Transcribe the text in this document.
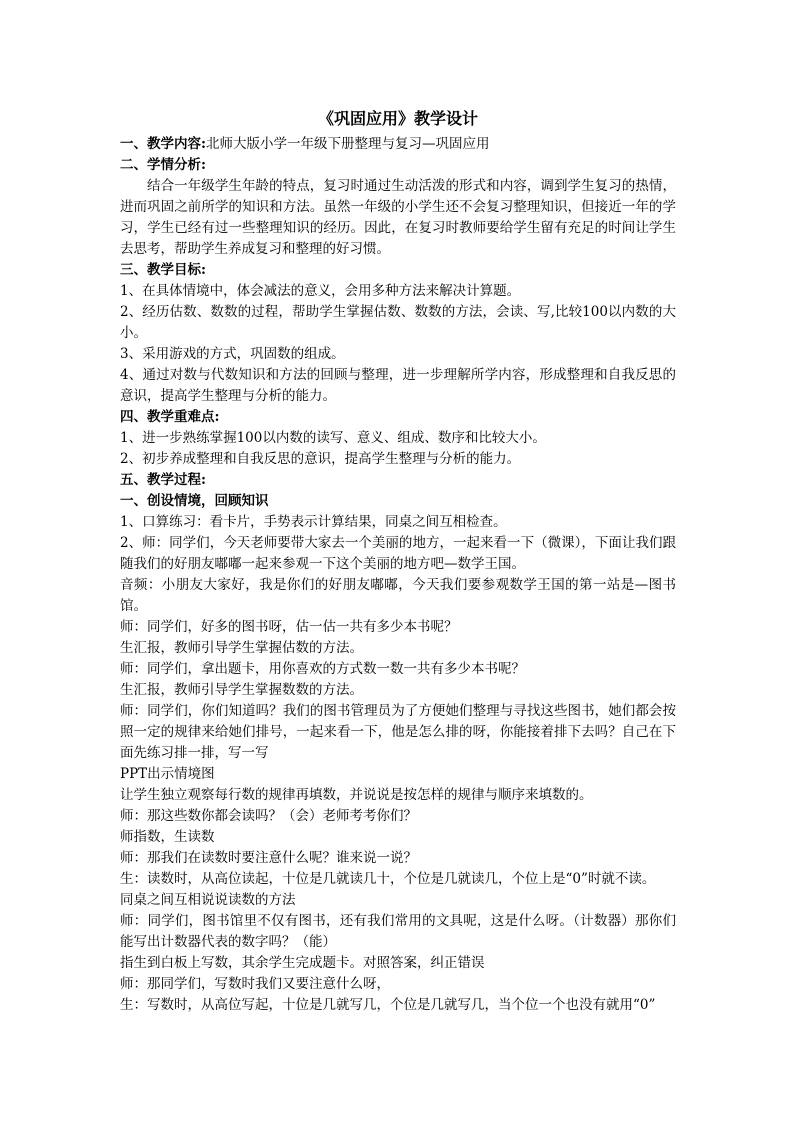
《巩固应用》教学设计

一、教学内容:北师大版小学一年级下册整理与复习—巩固应用

二、学情分析:

结合一年级学生年龄的特点，复习时通过生动活泼的形式和内容，调到学生复习的热情，进而巩固之前所学的知识和方法。虽然一年级的小学生还不会复习整理知识，但接近一年的学习，学生已经有过一些整理知识的经历。因此，在复习时教师要给学生留有充足的时间让学生去思考，帮助学生养成复习和整理的好习惯。

三、教学目标:

1、在具体情境中，体会减法的意义，会用多种方法来解决计算题。

2、经历估数、数数的过程，帮助学生掌握估数、数数的方法，会读、写,比较100以内数的大小。

3、采用游戏的方式，巩固数的组成。

4、通过对数与代数知识和方法的回顾与整理，进一步理解所学内容，形成整理和自我反思的意识，提高学生整理与分析的能力。

四、教学重难点:

1、进一步熟练掌握100以内数的读写、意义、组成、数序和比较大小。

2、初步养成整理和自我反思的意识，提高学生整理与分析的能力。

五、教学过程:

一、创设情境，回顾知识

1、口算练习：看卡片，手势表示计算结果，同桌之间互相检查。

2、师：同学们，今天老师要带大家去一个美丽的地方，一起来看一下（微课），下面让我们跟随我们的好朋友嘟嘟一起来参观一下这个美丽的地方吧—数学王国。

音频：小朋友大家好，我是你们的好朋友嘟嘟，今天我们要参观数学王国的第一站是—图书馆。

师：同学们，好多的图书呀，估一估一共有多少本书呢？

生汇报，教师引导学生掌握估数的方法。

师：同学们，拿出题卡，用你喜欢的方式数一数一共有多少本书呢？

生汇报，教师引导学生掌握数数的方法。

师：同学们，你们知道吗？我们的图书管理员为了方便她们整理与寻找这些图书，她们都会按照一定的规律来给她们排号，一起来看一下，他是怎么排的呀，你能接着排下去吗？自己在下面先练习排一排，写一写

PPT出示情境图

让学生独立观察每行数的规律再填数，并说说是按怎样的规律与顺序来填数的。

师：那这些数你都会读吗？（会）老师考考你们？

师指数，生读数

师：那我们在读数时要注意什么呢？谁来说一说？

生：读数时，从高位读起，十位是几就读几十，个位是几就读几，个位上是“0”时就不读。

同桌之间互相说说读数的方法

师：同学们，图书馆里不仅有图书，还有我们常用的文具呢，这是什么呀。（计数器）那你们能写出计数器代表的数字吗？（能）

指生到白板上写数，其余学生完成题卡。对照答案，纠正错误

师：那同学们，写数时我们又要注意什么呀，

生：写数时，从高位写起，十位是几就写几，个位是几就写几，当个位一个也没有就用“0”
